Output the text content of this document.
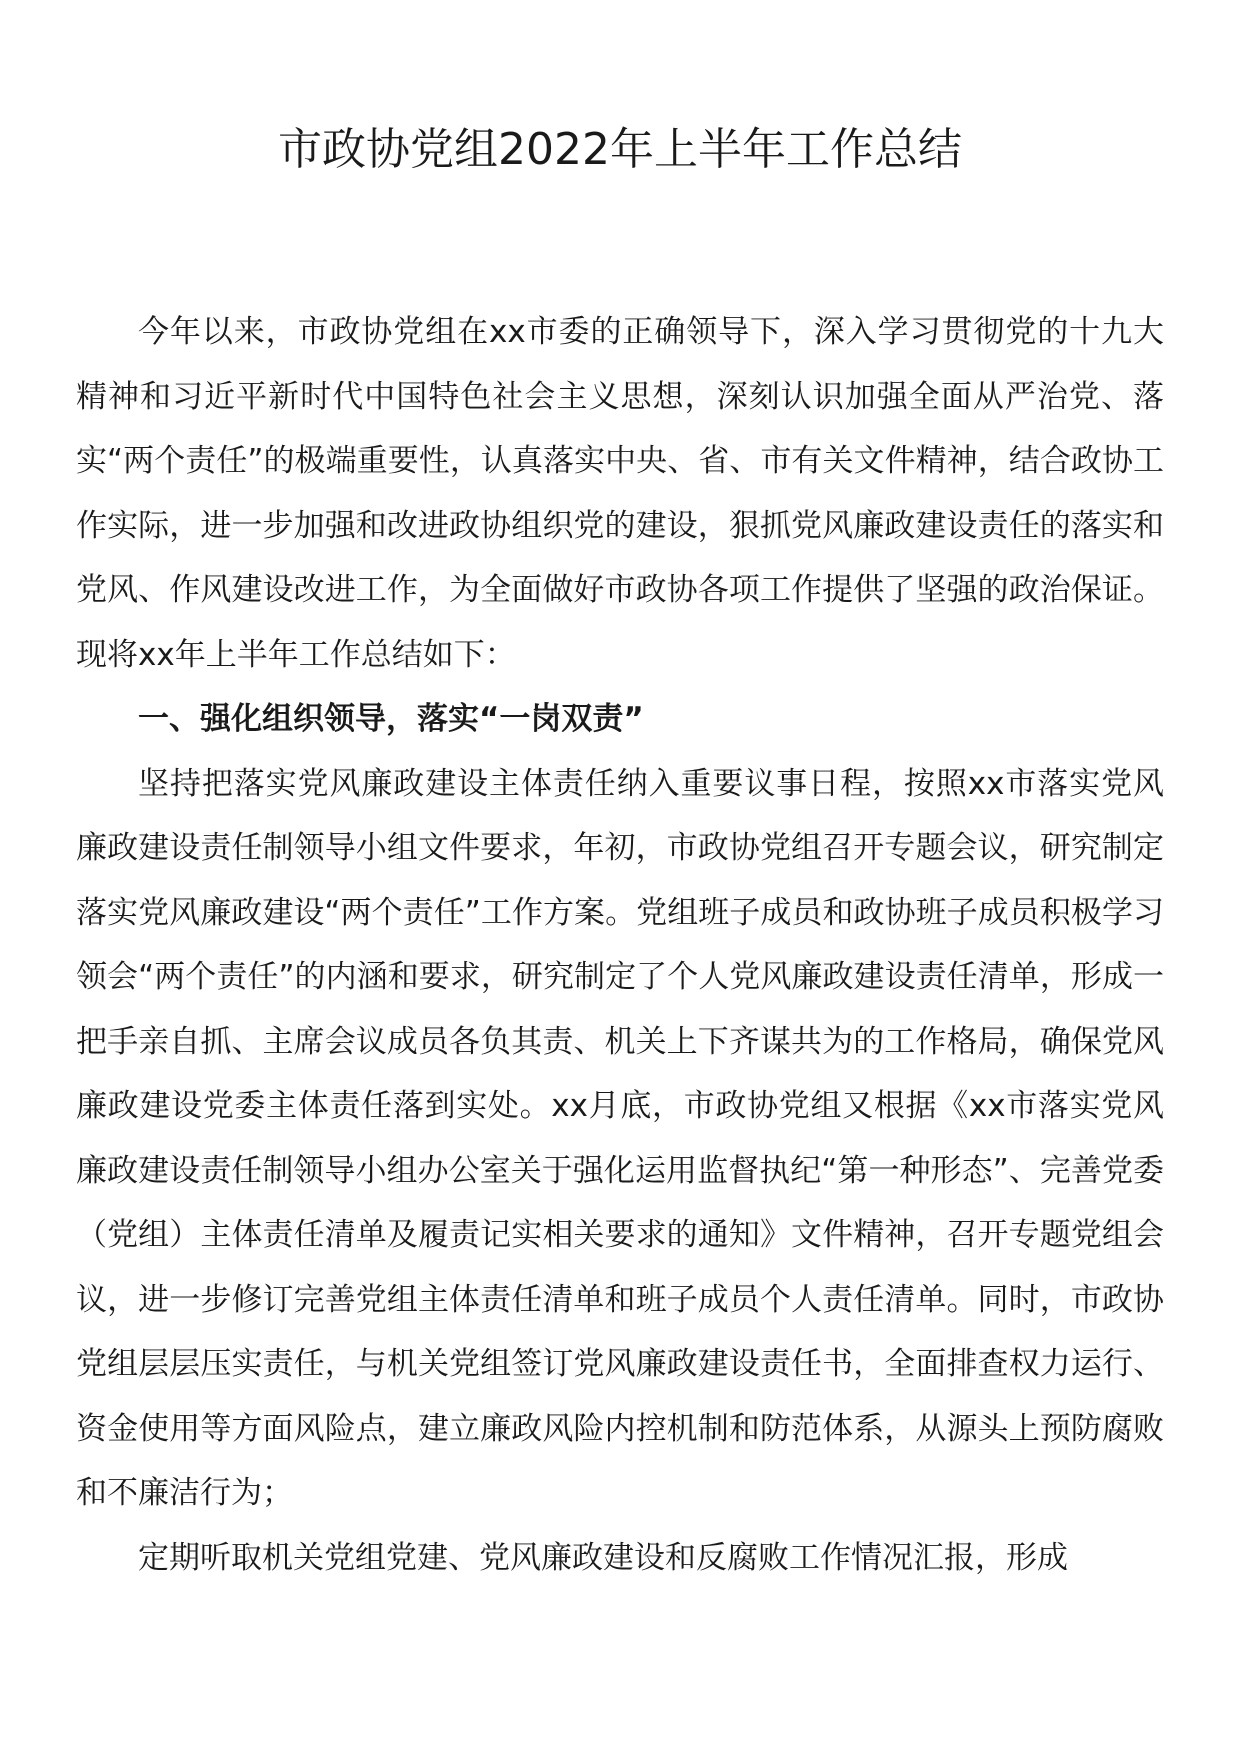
市政协党组2022年上半年工作总结

今年以来，市政协党组在xx市委的正确领导下，深入学习贯彻党的十九大精神和习近平新时代中国特色社会主义思想，深刻认识加强全面从严治党、落实“两个责任”的极端重要性，认真落实中央、省、市有关文件精神，结合政协工作实际，进一步加强和改进政协组织党的建设，狠抓党风廉政建设责任的落实和党风、作风建设改进工作，为全面做好市政协各项工作提供了坚强的政治保证。现将xx年上半年工作总结如下：

一、强化组织领导，落实“一岗双责”

坚持把落实党风廉政建设主体责任纳入重要议事日程，按照xx市落实党风廉政建设责任制领导小组文件要求，年初，市政协党组召开专题会议，研究制定落实党风廉政建设“两个责任”工作方案。党组班子成员和政协班子成员积极学习领会“两个责任”的内涵和要求，研究制定了个人党风廉政建设责任清单，形成一把手亲自抓、主席会议成员各负其责、机关上下齐谋共为的工作格局，确保党风廉政建设党委主体责任落到实处。xx月底，市政协党组又根据《xx市落实党风廉政建设责任制领导小组办公室关于强化运用监督执纪“第一种形态”、完善党委（党组）主体责任清单及履责记实相关要求的通知》文件精神，召开专题党组会议，进一步修订完善党组主体责任清单和班子成员个人责任清单。同时，市政协党组层层压实责任，与机关党组签订党风廉政建设责任书，全面排查权力运行、资金使用等方面风险点，建立廉政风险内控机制和防范体系，从源头上预防腐败和不廉洁行为；

定期听取机关党组党建、党风廉政建设和反腐败工作情况汇报，形成
